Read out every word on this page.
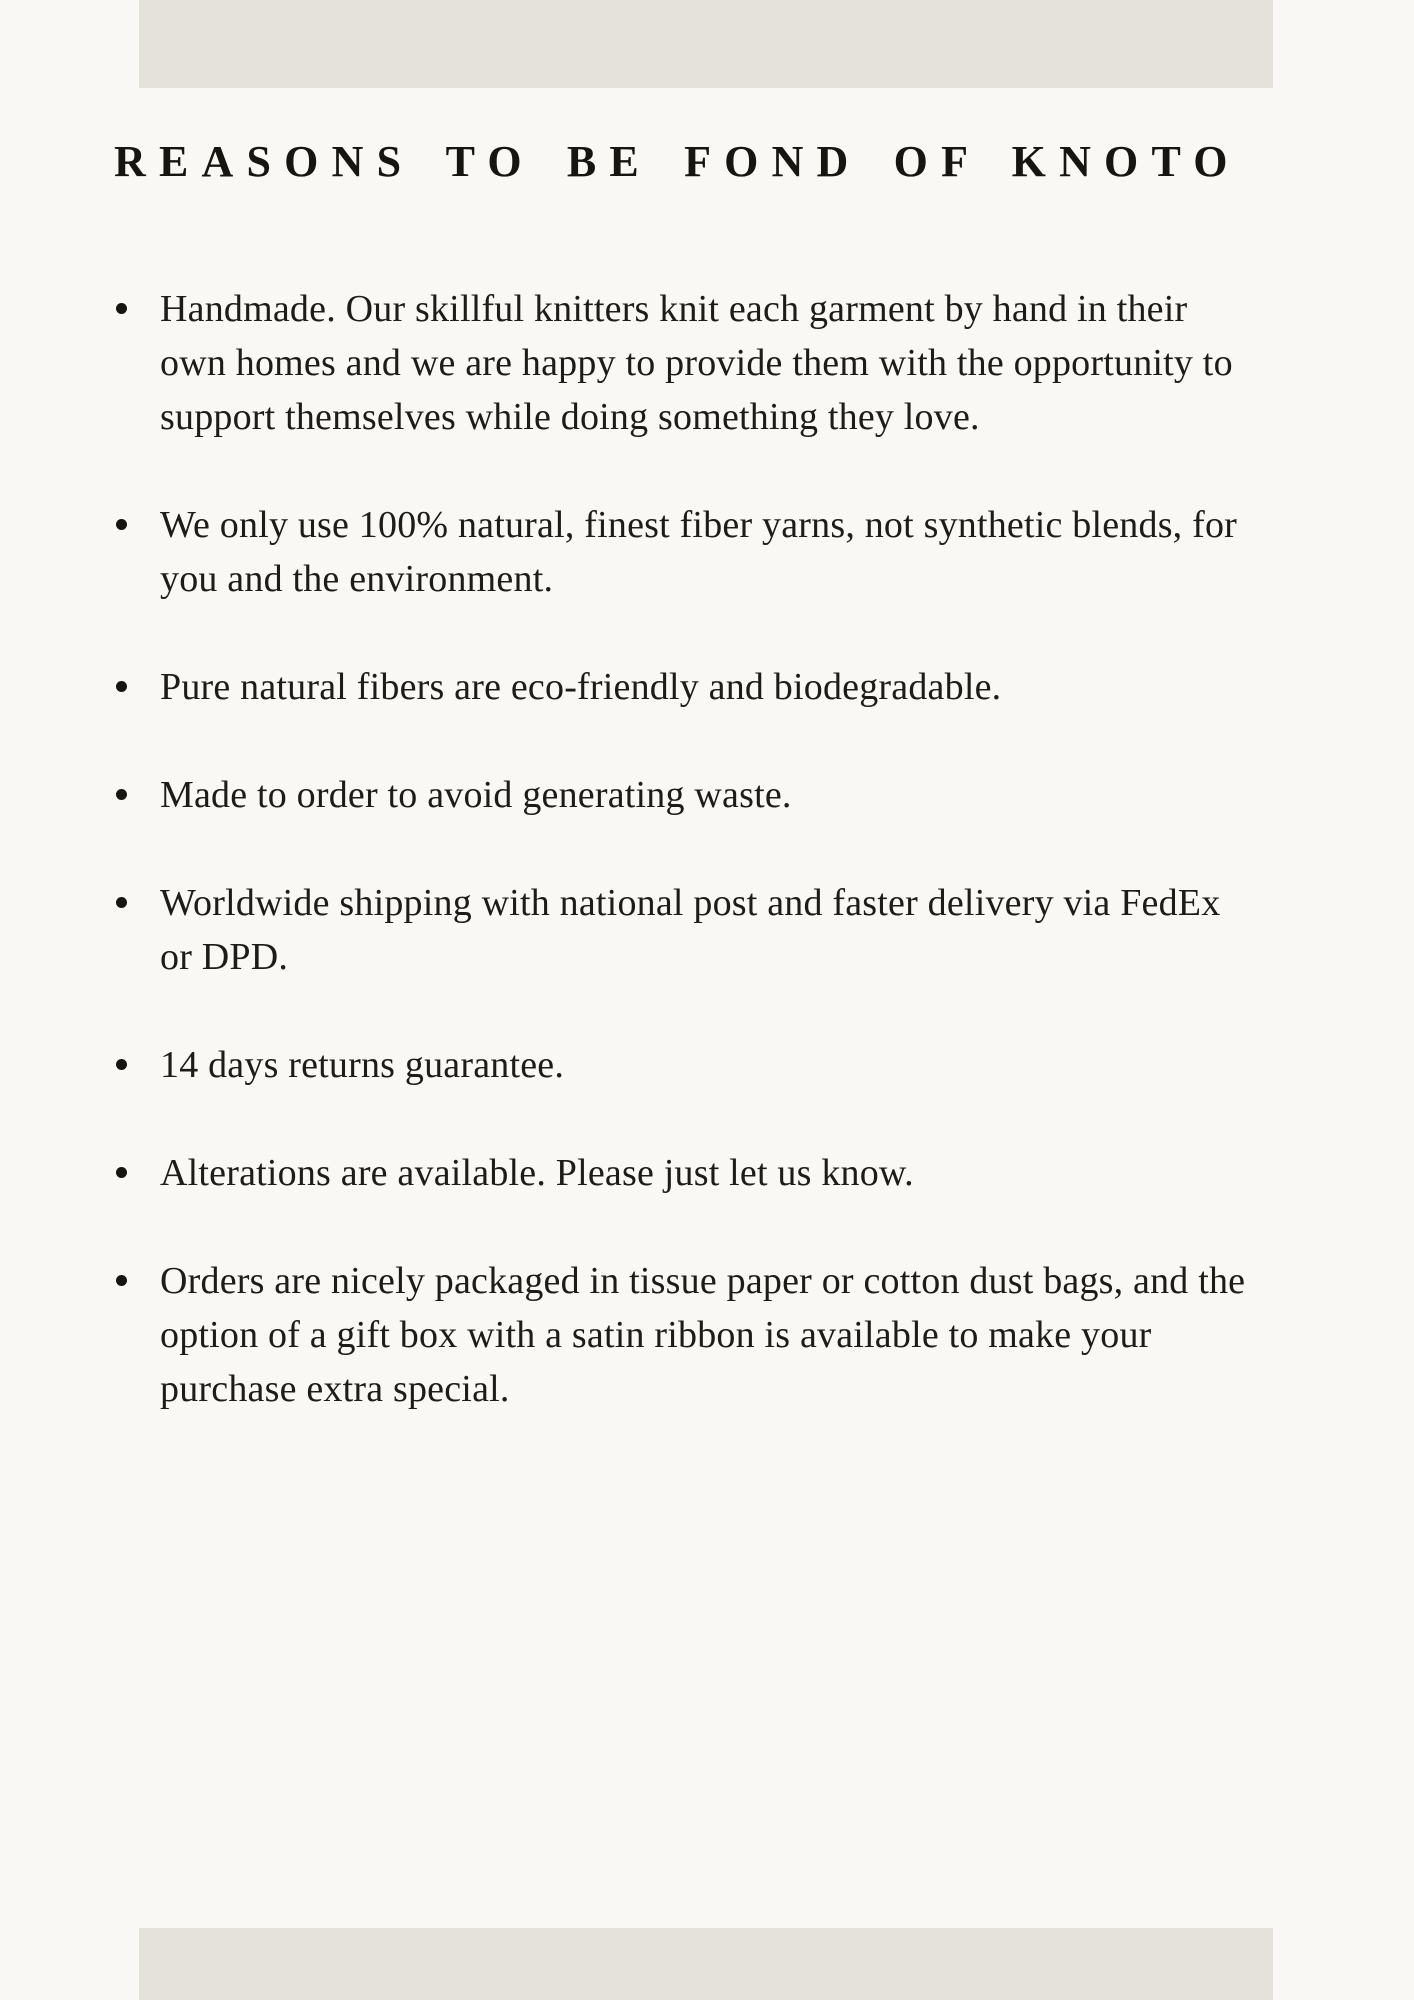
REASONS TO BE FOND OF KNOTO
Handmade. Our skillful knitters knit each garment by hand in their
own homes and we are happy to provide them with the opportunity to
support themselves while doing something they love.
We only use 100% natural, finest fiber yarns, not synthetic blends, for
you and the environment.
Pure natural fibers are eco-friendly and biodegradable.
Made to order to avoid generating waste.
Worldwide shipping with national post and faster delivery via FedEx
or DPD.
14 days returns guarantee.
Alterations are available. Please just let us know.
Orders are nicely packaged in tissue paper or cotton dust bags, and the
option of a gift box with a satin ribbon is available to make your
purchase extra special.
